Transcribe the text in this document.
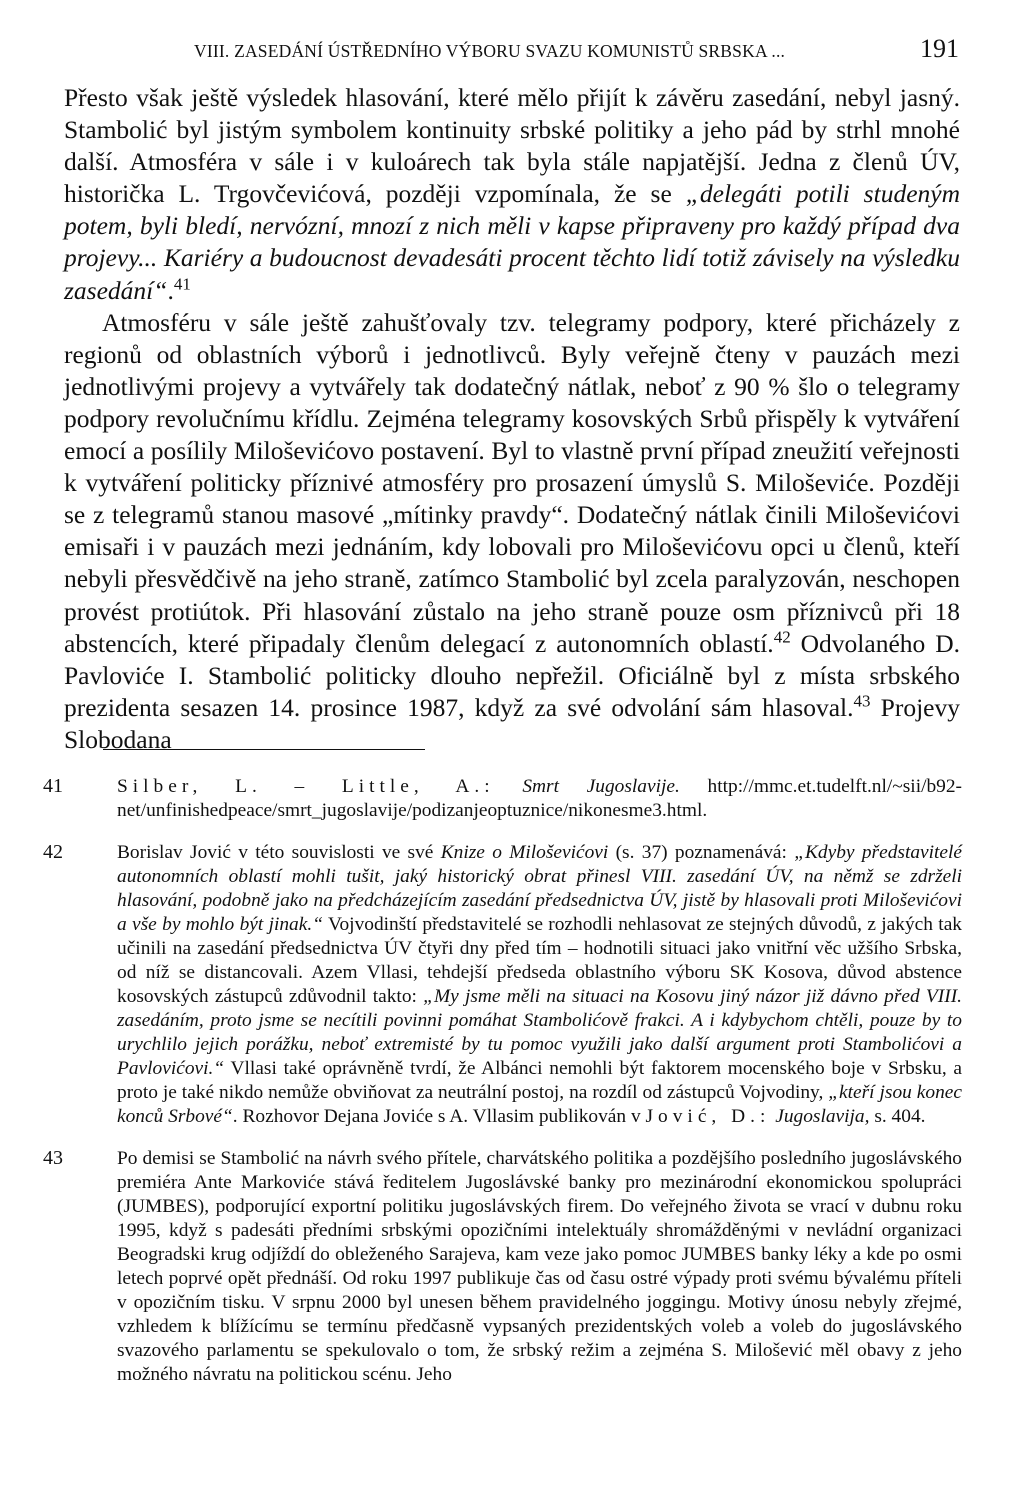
VIII. ZASEDÁNÍ ÚSTŘEDNÍHO VÝBORU SVAZU KOMUNISTŮ SRBSKA ...	191

Přesto však ještě výsledek hlasování, které mělo přijít k závěru zasedání, nebyl jasný. Stambolić byl jistým symbolem kontinuity srbské politiky a jeho pád by strhl mnohé další. Atmosféra v sále i v kuloárech tak byla stále napjatější. Jedna z členů ÚV, historička L. Trgovčevićová, později vzpomínala, že se „delegáti potili studeným potem, byli bledí, nervózní, mnozí z nich měli v kapse připraveny pro každý případ dva projevy... Kariéry a budoucnost devadesáti procent těchto lidí totiž závisely na výsledku zasedání“.$^{41}$

Atmosféru v sále ještě zahušťovaly tzv. telegramy podpory, které přicházely z regionů od oblastních výborů i jednotlivců. Byly veřejně čteny v pauzách mezi jednotlivými projevy a vytvářely tak dodatečný nátlak, neboť z 90 % šlo o telegramy podpory revolučnímu křídlu. Zejména telegramy kosovských Srbů přispěly k vytváření emocí a posílily Miloševićovo postavení. Byl to vlastně první případ zneužití veřejnosti k vytváření politicky příznivé atmosféry pro prosazení úmyslů S. Miloševiće. Později se z telegramů stanou masové „mítinky pravdy“. Dodatečný nátlak činili Miloševićovi emisaři i v pauzách mezi jednáním, kdy lobovali pro Miloševićovu opci u členů, kteří nebyli přesvědčivě na jeho straně, zatímco Stambolić byl zcela paralyzován, neschopen provést protiútok. Při hlasování zůstalo na jeho straně pouze osm příznivců při 18 abstencích, které připadaly členům delegací z autonomních oblastí.$^{42}$ Odvolaného D. Pavloviće I. Stambolić politicky dlouho nepřežil. Oficiálně byl z místa srbského prezidenta sesazen 14. prosince 1987, když za své odvolání sám hlasoval.$^{43}$ Projevy Slobodana

41	Silber, L. – Little, A.: Smrt Jugoslavije. http://mmc.et.tudelft.nl/~sii/b92-net/unfinishedpeace/smrt_jugoslavije/podizanjeoptuznice/nikonesme3.html.
42	Borislav Jović v této souvislosti ve své Knize o Miloševićovi (s. 37) poznamenává: „Kdyby představitelé autonomních oblastí mohli tušit, jaký historický obrat přinesl VIII. zasedání ÚV, na němž se zdrželi hlasování, podobně jako na předcházejícím zasedání předsednictva ÚV, jistě by hlasovali proti Miloševićovi a vše by mohlo být jinak.“ Vojvodinští představitelé se rozhodli nehlasovat ze stejných důvodů, z jakých tak učinili na zasedání předsednictva ÚV čtyři dny před tím – hodnotili situaci jako vnitřní věc užšího Srbska, od níž se distancovali. Azem Vllasi, tehdejší předseda oblastního výboru SK Kosova, důvod abstence kosovských zástupců zdůvodnil takto: „My jsme měli na situaci na Kosovu jiný názor již dávno před VIII. zasedáním, proto jsme se necítili povinni pomáhat Stambolićově frakci. A i kdybychom chtěli, pouze by to urychlilo jejich porážku, neboť extremisté by tu pomoc využili jako další argument proti Stambolićovi a Pavlovićovi.“ Vllasi také oprávněně tvrdí, že Albánci nemohli být faktorem mocenského boje v Srbsku, a proto je také nikdo nemůže obviňovat za neutrální postoj, na rozdíl od zástupců Vojvodiny, „kteří jsou konec konců Srbové“. Rozhovor Dejana Joviće s A. Vllasim publikován v Jović, D.: Jugoslavija, s. 404.
43	Po demisi se Stambolić na návrh svého přítele, charvátského politika a pozdějšího posledního jugoslávského premiéra Ante Markoviće stává ředitelem Jugoslávské banky pro mezinárodní ekonomickou spolupráci (JUMBES), podporující exportní politiku jugoslávských firem. Do veřejného života se vrací v dubnu roku 1995, když s padesáti předními srbskými opozičními intelektuály shromážděnými v nevládní organizaci Beogradski krug odjíždí do obleženého Sarajeva, kam veze jako pomoc JUMBES banky léky a kde po osmi letech poprvé opět přednáší. Od roku 1997 publikuje čas od času ostré výpady proti svému bývalému příteli v opozičním tisku. V srpnu 2000 byl unesen během pravidelného joggingu. Motivy únosu nebyly zřejmé, vzhledem k blížícímu se termínu předčasně vypsaných prezidentských voleb a voleb do jugoslávského svazového parlamentu se spekulovalo o tom, že srbský režim a zejména S. Milošević měl obavy z jeho možného návratu na politickou scénu. Jeho
